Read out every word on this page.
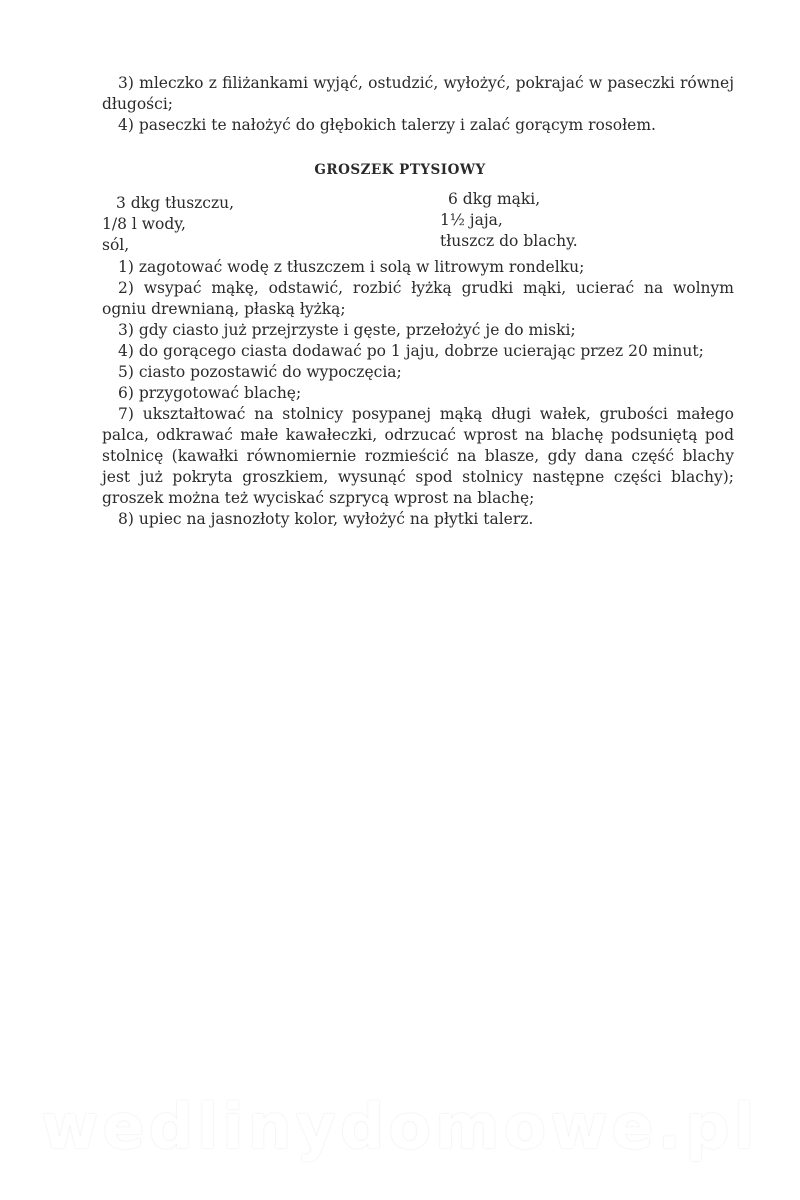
3) mleczko z filiżankami wyjąć, ostudzić, wyłożyć, pokrajać w paseczki równej długości;

4) paseczki te nałożyć do głębokich talerzy i zalać gorącym rosołem.

GROSZEK PTYSIOWY
3 dkg tłuszczu,
1/8 l wody,
sól,
6 dkg mąki,
1½ jaja,
tłuszcz do blachy.
1) zagotować wodę z tłuszczem i solą w litrowym rondelku;
2) wsypać mąkę, odstawić, rozbić łyżką grudki mąki, ucierać na wolnym ogniu drewnianą, płaską łyżką;
3) gdy ciasto już przejrzyste i gęste, przełożyć je do miski;
4) do gorącego ciasta dodawać po 1 jaju, dobrze ucierając przez 20 minut;
5) ciasto pozostawić do wypoczęcia;
6) przygotować blachę;
7) ukształtować na stolnicy posypanej mąką długi wałek, grubości małego palca, odkrawać małe kawałeczki, odrzucać wprost na blachę podsuniętą pod stolnicę (kawałki równomiernie rozmieścić na blasze, gdy dana część blachy jest już pokryta groszkiem, wysunąć spod stolnicy następne części blachy); groszek można też wyciskać szprycą wprost na blachę;
8) upiec na jasnozłoty kolor, wyłożyć na płytki talerz.
wedlinydomowe.pl
